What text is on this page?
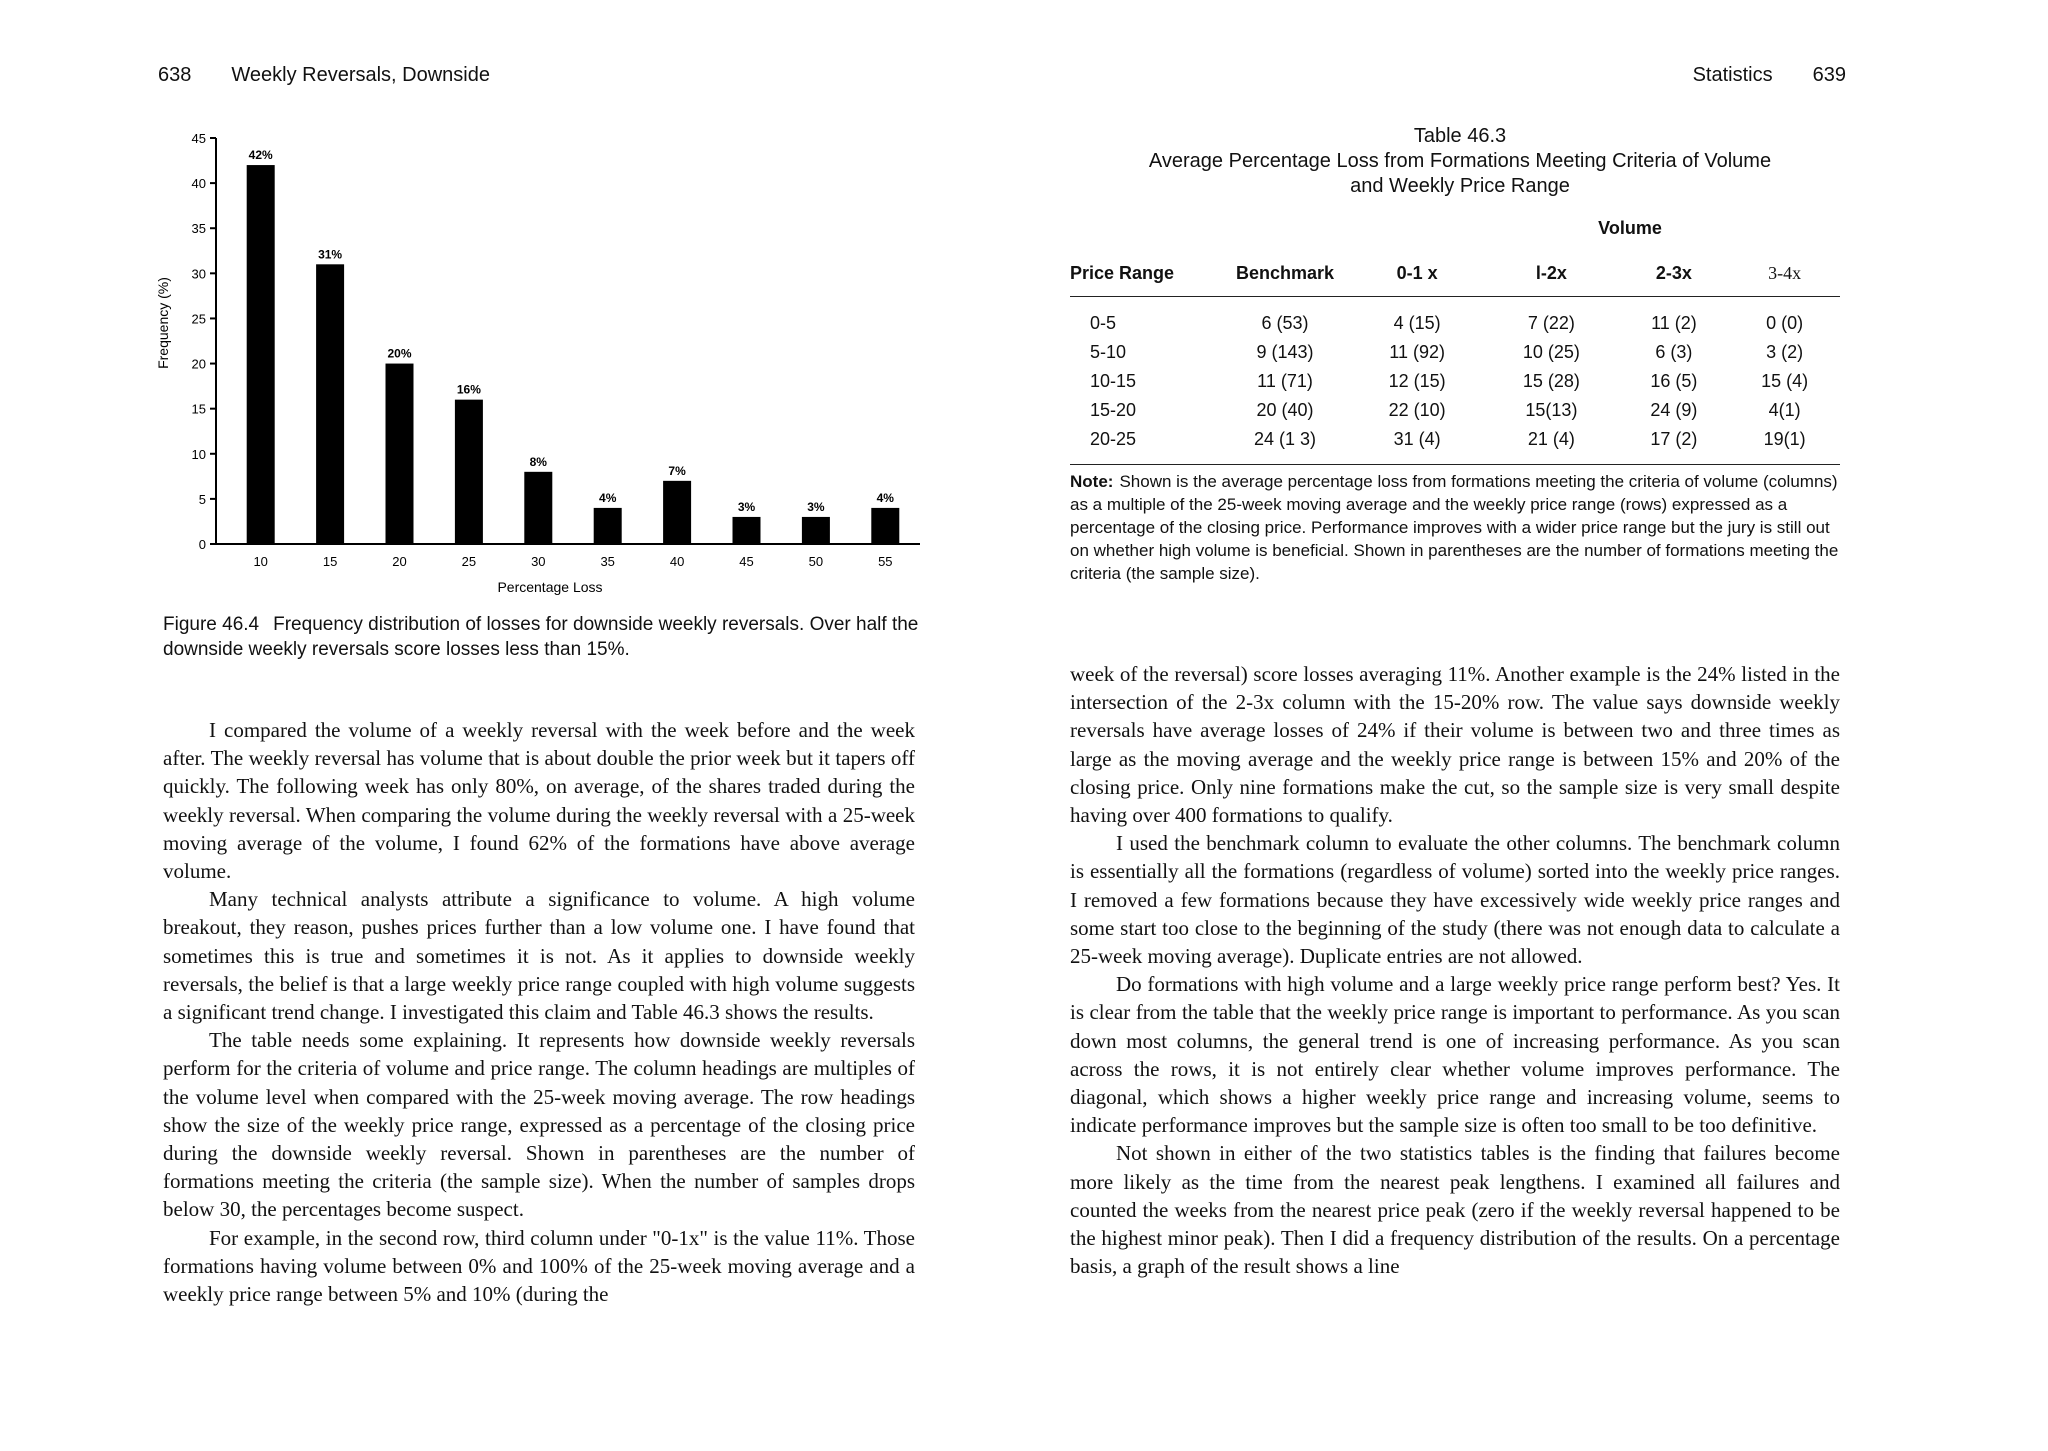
638 Weekly Reversals, Downside	Statistics 639
0
5
10
15
20
25
30
35
40
45
42%
10
31%
15
20%
20
16%
25
8%
30
4%
35
7%
40
3%
45
3%
50
4%
55
Frequency (%)
Percentage Loss
Figure 46.4 Frequency distribution of losses for downside weekly reversals. Over half the downside weekly reversals score losses less than 15%.

I compared the volume of a weekly reversal with the week before and the week after. The weekly reversal has volume that is about double the prior week but it tapers off quickly. The following week has only 80%, on average, of the shares traded during the weekly reversal. When comparing the volume during the weekly reversal with a 25-week moving average of the volume, I found 62% of the formations have above average volume.

Many technical analysts attribute a significance to volume. A high volume breakout, they reason, pushes prices further than a low volume one. I have found that sometimes this is true and sometimes it is not. As it applies to downside weekly reversals, the belief is that a large weekly price range coupled with high volume suggests a significant trend change. I investigated this claim and Table 46.3 shows the results.

The table needs some explaining. It represents how downside weekly reversals perform for the criteria of volume and price range. The column headings are multiples of the volume level when compared with the 25-week moving average. The row headings show the size of the weekly price range, expressed as a percentage of the closing price during the downside weekly reversal. Shown in parentheses are the number of formations meeting the criteria (the sample size). When the number of samples drops below 30, the percentages become suspect.

For example, in the second row, third column under "0-1x" is the value 11%. Those formations having volume between 0% and 100% of the 25-week moving average and a weekly price range between 5% and 10% (during the

Table 46.3
Average Percentage Loss from Formations Meeting Criteria of Volume
and Weekly Price Range
Volume
Price Range	Benchmark	0-1 x	l-2x	2-3x	3-4x
0-5	6 (53)	4 (15)	7 (22)	11 (2)	0 (0)
5-10	9 (143)	11 (92)	10 (25)	6 (3)	3 (2)
10-15	11 (71)	12 (15)	15 (28)	16 (5)	15 (4)
15-20	20 (40)	22 (10)	15(13)	24 (9)	4(1)
20-25	24 (1 3)	31 (4)	21 (4)	17 (2)	19(1)
Note: Shown is the average percentage loss from formations meeting the criteria of volume (columns) as a multiple of the 25-week moving average and the weekly price range (rows) expressed as a percentage of the closing price. Performance improves with a wider price range but the jury is still out on whether high volume is beneficial. Shown in parentheses are the number of formations meeting the criteria (the sample size).

week of the reversal) score losses averaging 11%. Another example is the 24% listed in the intersection of the 2-3x column with the 15-20% row. The value says downside weekly reversals have average losses of 24% if their volume is between two and three times as large as the moving average and the weekly price range is between 15% and 20% of the closing price. Only nine formations make the cut, so the sample size is very small despite having over 400 formations to qualify.

I used the benchmark column to evaluate the other columns. The benchmark column is essentially all the formations (regardless of volume) sorted into the weekly price ranges. I removed a few formations because they have excessively wide weekly price ranges and some start too close to the beginning of the study (there was not enough data to calculate a 25-week moving average). Duplicate entries are not allowed.

Do formations with high volume and a large weekly price range perform best? Yes. It is clear from the table that the weekly price range is important to performance. As you scan down most columns, the general trend is one of increasing performance. As you scan across the rows, it is not entirely clear whether volume improves performance. The diagonal, which shows a higher weekly price range and increasing volume, seems to indicate performance improves but the sample size is often too small to be too definitive.

Not shown in either of the two statistics tables is the finding that failures become more likely as the time from the nearest peak lengthens. I examined all failures and counted the weeks from the nearest price peak (zero if the weekly reversal happened to be the highest minor peak). Then I did a frequency distribution of the results. On a percentage basis, a graph of the result shows a line
